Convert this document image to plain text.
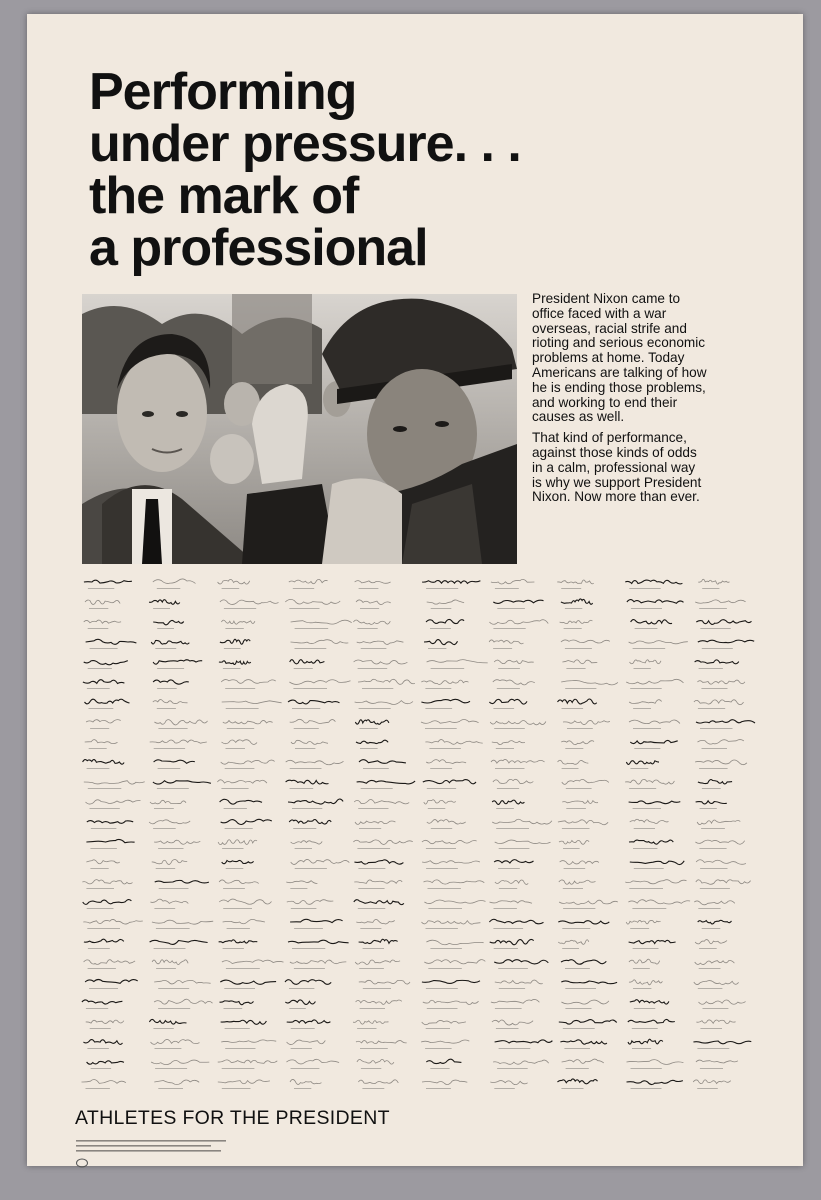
Performing
under pressure. . .
the mark of
a professional

President Nixon came to office faced with a war overseas, racial strife and rioting and serious economic problems at home. Today Americans are talking of how he is ending those problems, and working to end their causes as well.

That kind of performance, against those kinds of odds in a calm, professional way is why we support President Nixon. Now more than ever.

ATHLETES FOR THE PRESIDENT
